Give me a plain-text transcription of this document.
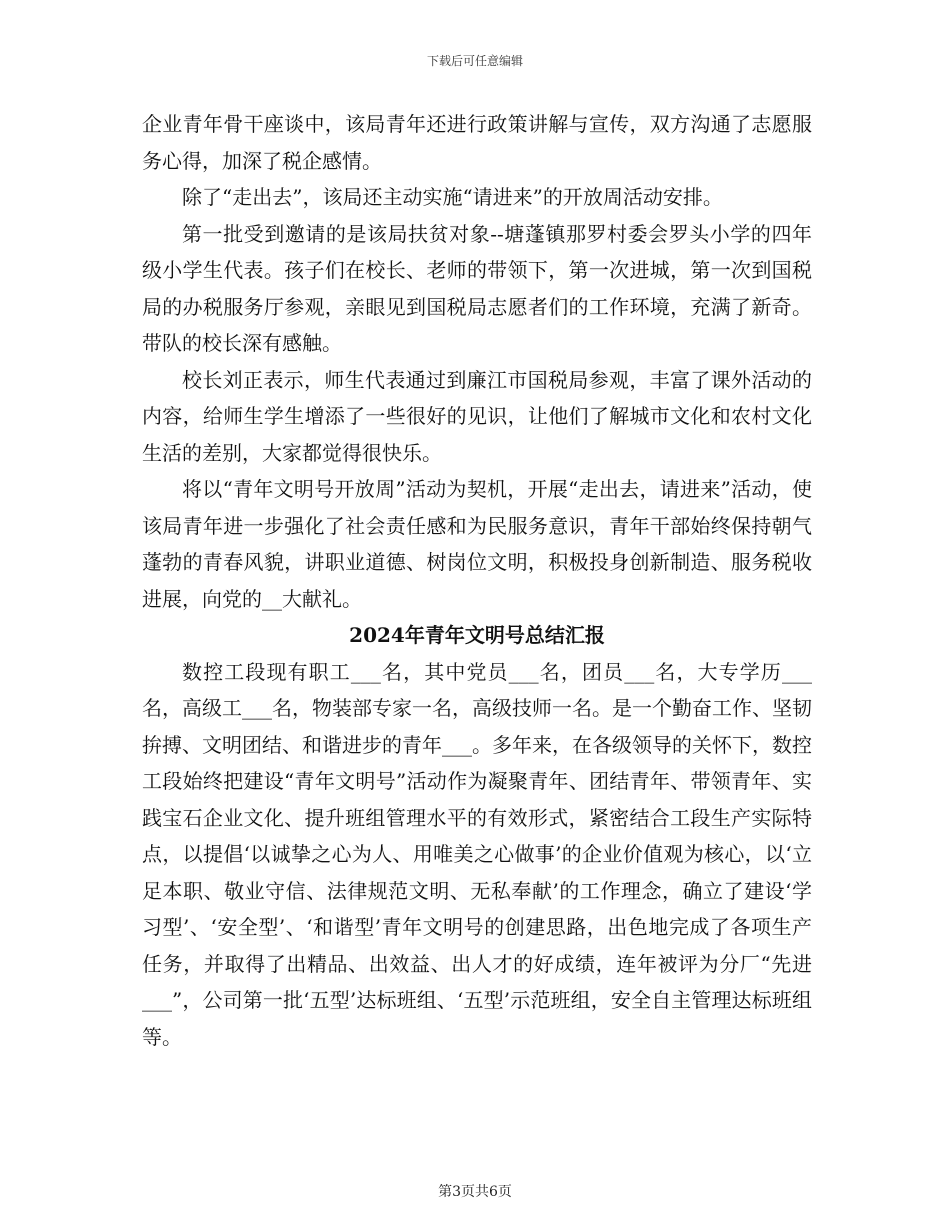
下载后可任意编辑

企业青年骨干座谈中，该局青年还进行政策讲解与宣传，双方沟通了志愿服务心得，加深了税企感情。

除了“走出去”，该局还主动实施“请进来”的开放周活动安排。

第一批受到邀请的是该局扶贫对象--塘蓬镇那罗村委会罗头小学的四年级小学生代表。孩子们在校长、老师的带领下，第一次进城，第一次到国税局的办税服务厅参观，亲眼见到国税局志愿者们的工作环境，充满了新奇。带队的校长深有感触。

校长刘正表示，师生代表通过到廉江市国税局参观，丰富了课外活动的内容，给师生学生增添了一些很好的见识，让他们了解城市文化和农村文化生活的差别，大家都觉得很快乐。

将以“青年文明号开放周”活动为契机，开展“走出去，请进来”活动，使该局青年进一步强化了社会责任感和为民服务意识，青年干部始终保持朝气蓬勃的青春风貌，讲职业道德、树岗位文明，积极投身创新制造、服务税收进展，向党的__大献礼。

2024年青年文明号总结汇报

数控工段现有职工___名，其中党员___名，团员___名，大专学历___名，高级工___名，物装部专家一名，高级技师一名。是一个勤奋工作、坚韧拚搏、文明团结、和谐进步的青年___。多年来，在各级领导的关怀下，数控工段始终把建设“青年文明号”活动作为凝聚青年、团结青年、带领青年、实践宝石企业文化、提升班组管理水平的有效形式，紧密结合工段生产实际特点，以提倡‘以诚挚之心为人、用唯美之心做事’的企业价值观为核心，以‘立足本职、敬业守信、法律规范文明、无私奉献’的工作理念，确立了建设‘学习型’、‘安全型’、‘和谐型’青年文明号的创建思路，出色地完成了各项生产任务，并取得了出精品、出效益、出人才的好成绩，连年被评为分厂“先进___”，公司第一批‘五型’达标班组、‘五型’示范班组，安全自主管理达标班组等。

第3页共6页
